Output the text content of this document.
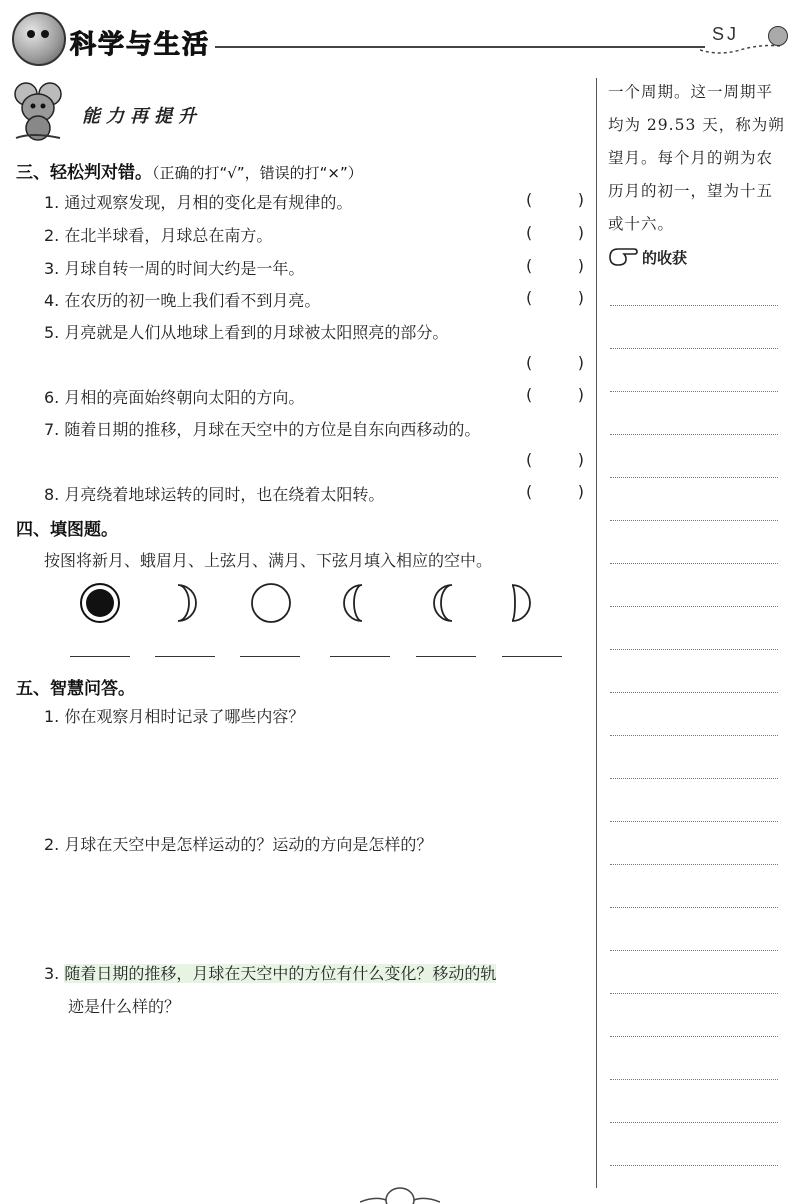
科学与生活	SJ
能力再提升
三、轻松判对错。（正确的打“√”，错误的打“×”）
1. 通过观察发现，月相的变化是有规律的。	(	)
2. 在北半球看，月球总在南方。	(	)
3. 月球自转一周的时间大约是一年。	(	)
4. 在农历的初一晚上我们看不到月亮。	(	)
5. 月亮就是人们从地球上看到的月球被太阳照亮的部分。
(	)
6. 月相的亮面始终朝向太阳的方向。	(	)
7. 随着日期的推移，月球在天空中的方位是自东向西移动的。
(	)
8. 月亮绕着地球运转的同时，也在绕着太阳转。	(	)
四、填图题。
按图将新月、蛾眉月、上弦月、满月、下弦月填入相应的空中。
五、智慧问答。
1. 你在观察月相时记录了哪些内容？
2. 月球在天空中是怎样运动的？运动的方向是怎样的？
3. 随着日期的推移，月球在天空中的方位有什么变化？移动的轨
迹是什么样的？
一个周期。这一周期平
均为 29.53 天，称为朔
望月。每个月的朔为农
历月的初一，望为十五
或十六。
的收获
